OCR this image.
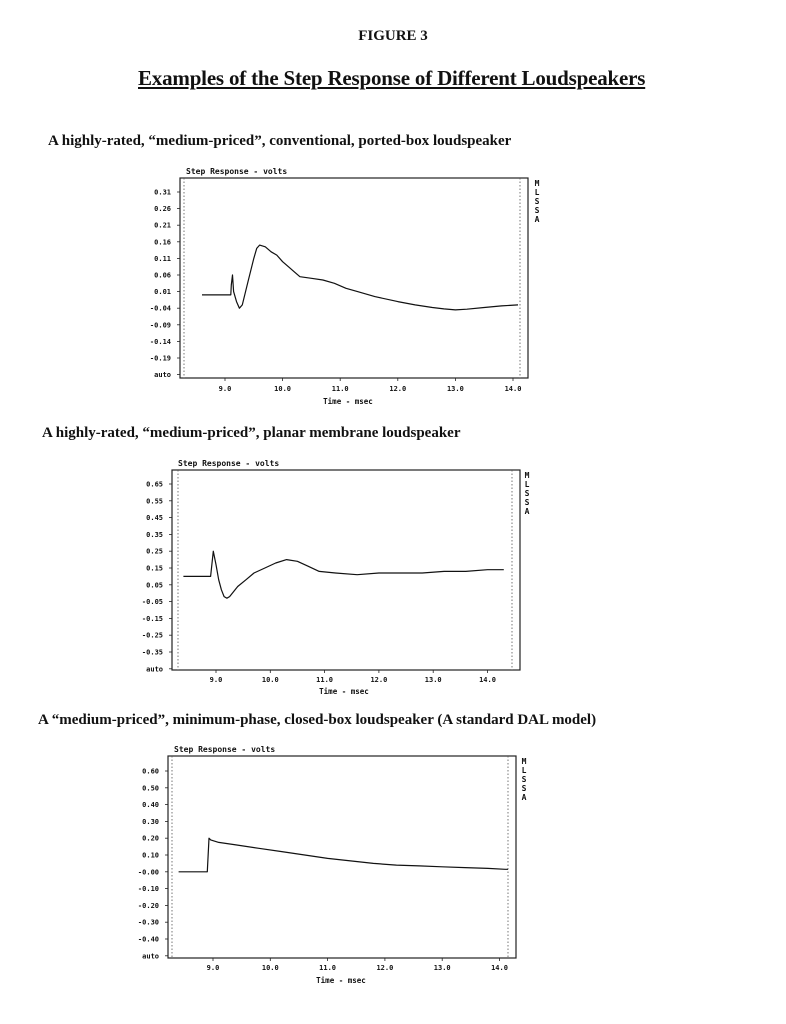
FIGURE 3
Examples of the Step Response of Different Loudspeakers
A highly-rated, “medium-priced”, conventional, ported-box loudspeaker
A highly-rated, “medium-priced”, planar membrane loudspeaker
A “medium-priced”, minimum-phase, closed-box loudspeaker (A standard DAL model)
Step Response - volts
0.31
0.26
0.21
0.16
0.11
0.06
0.01
-0.04
-0.09
-0.14
-0.19
auto
9.0	10.0	11.0	12.0	13.0	14.0
Time - msec
M
L
S
S
A
Step Response - volts
0.65
0.55
0.45
0.35
0.25
0.15
0.05
-0.05
-0.15
-0.25
-0.35
auto
9.0	10.0	11.0	12.0	13.0	14.0
Time - msec
M
L
S
S
A
Step Response - volts
0.60
0.50
0.40
0.30
0.20
0.10
-0.00
-0.10
-0.20
-0.30
-0.40
auto
9.0	10.0	11.0	12.0	13.0	14.0
Time - msec
M
L
S
S
A
